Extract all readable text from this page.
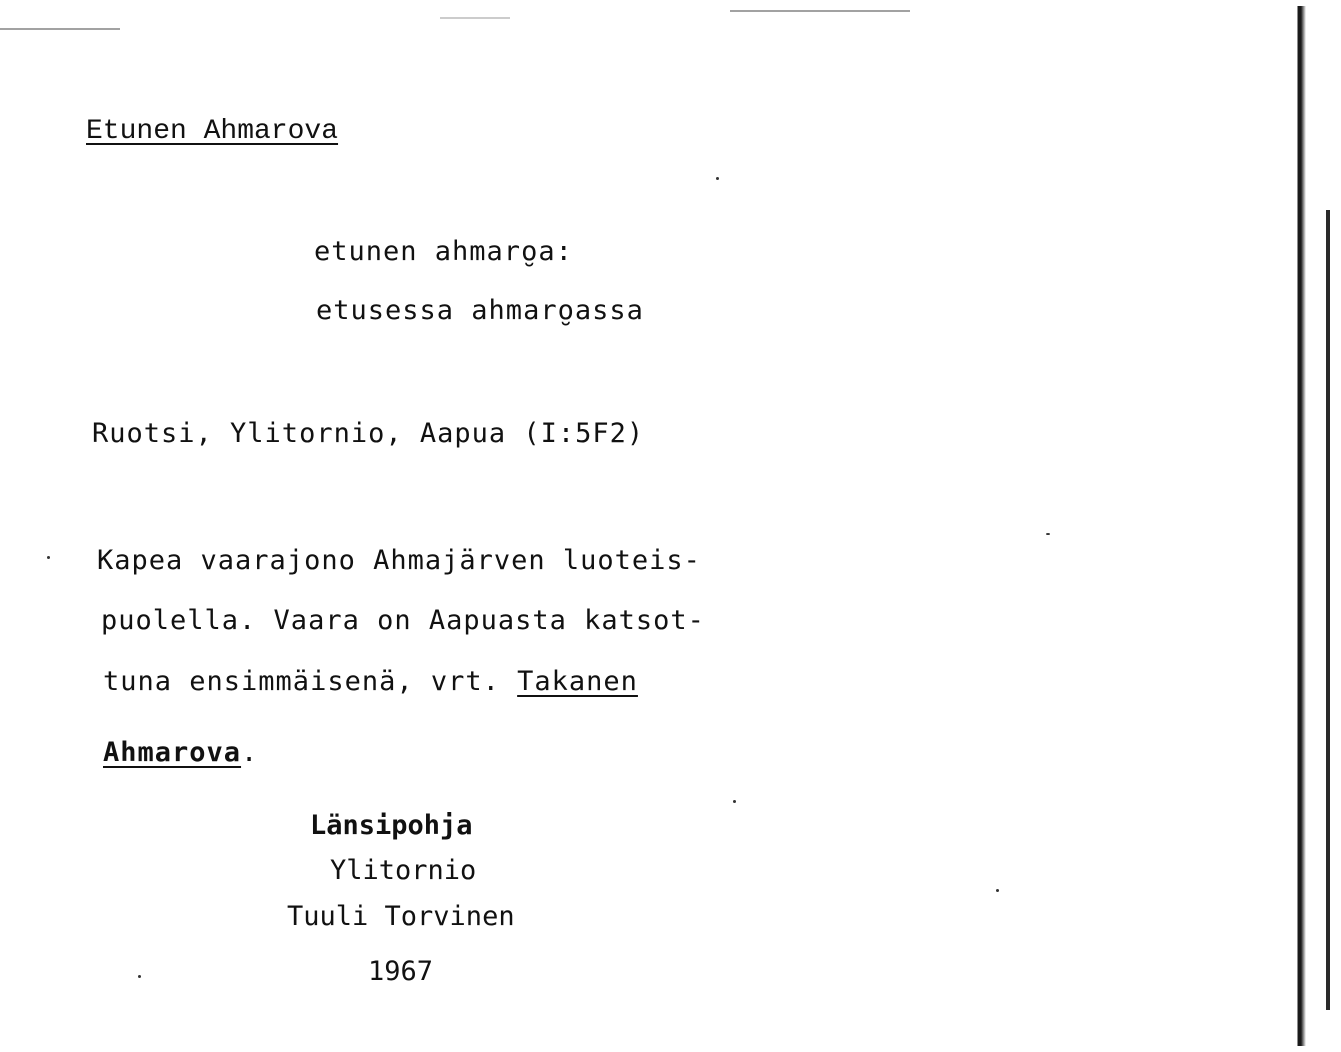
Etunen Ahmarova
etunen ahmaro̮a:
etusessa ahmaro̮assa
Ruotsi, Ylitornio, Aapua (I:5F2)
Kapea vaarajono Ahmajärven luoteis-
puolella. Vaara on Aapuasta katsot-
tuna ensimmäisenä, vrt. Takanen
Ahmarova.
Länsipohja
Ylitornio
Tuuli Torvinen
1967
